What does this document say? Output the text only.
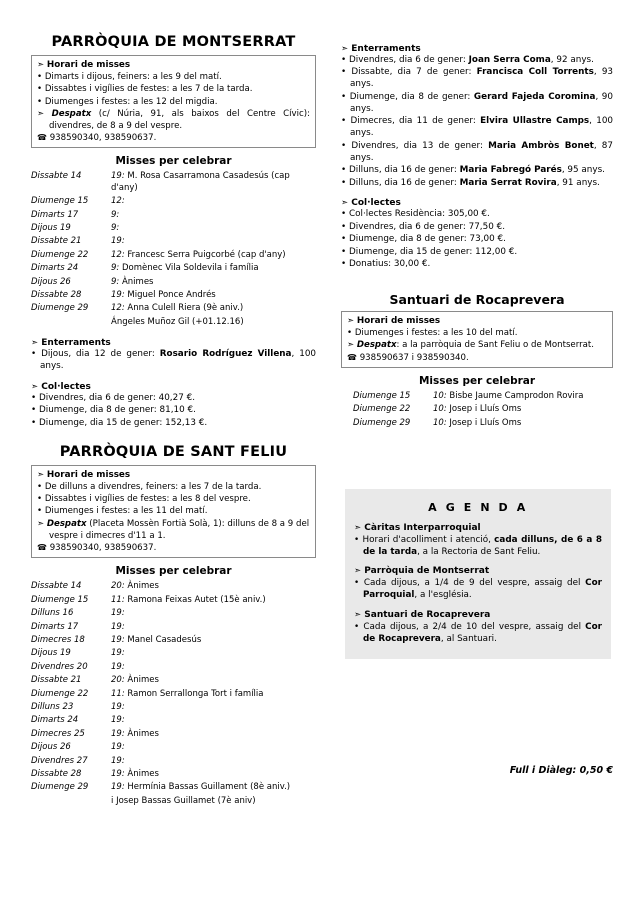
PARRÒQUIA DE MONTSERRAT
➣ Horari de misses
• Dimarts i dijous, feiners: a les 9 del matí.
• Dissabtes i vigílies de festes: a les 7 de la tarda.
• Diumenges i festes: a les 12 del migdia.
➣ Despatx (c/ Núria, 91, als baixos del Centre Cívic): divendres, de 8 a 9 del vespre.
☎ 938590340, 938590637.
Misses per celebrar
Dissabte 14	19: M. Rosa Casarramona Casadesús (cap d'any)
Diumenge 15	12:
Dimarts 17	9:
Dijous 19	9:
Dissabte 21	19:
Diumenge 22	12: Francesc Serra Puigcorbé (cap d'any)
Dimarts 24	9: Domènec Vila Soldevila i família
Dijous 26	9: Ànimes
Dissabte 28	19: Miguel Ponce Andrés
Diumenge 29	12: Anna Culell Riera (9è aniv.)
	Ángeles Muñoz Gil (+01.12.16)
➣ Enterraments
• Dijous, dia 12 de gener: Rosario Rodríguez Villena, 100 anys.
➣ Col·lectes
• Divendres, dia 6 de gener: 40,27 €.
• Diumenge, dia 8 de gener: 81,10 €.
• Diumenge, dia 15 de gener: 152,13 €.
PARRÒQUIA DE SANT FELIU
➣ Horari de misses
• De dilluns a divendres, feiners: a les 7 de la tarda.
• Dissabtes i vigílies de festes: a les 8 del vespre.
• Diumenges i festes: a les 11 del matí.
➣ Despatx (Placeta Mossèn Fortià Solà, 1): dilluns de 8 a 9 del vespre i dimecres d'11 a 1.
☎ 938590340, 938590637.
Misses per celebrar
Dissabte 14	20: Ànimes
Diumenge 15	11: Ramona Feixas Autet (15è aniv.)
Dilluns 16	19:
Dimarts 17	19:
Dimecres 18	19: Manel Casadesús
Dijous 19	19:
Divendres 20	19:
Dissabte 21	20: Ànimes
Diumenge 22	11: Ramon Serrallonga Tort i família
Dilluns 23	19:
Dimarts 24	19:
Dimecres 25	19: Ànimes
Dijous 26	19:
Divendres 27	19:
Dissabte 28	19: Ànimes
Diumenge 29	19: Hermínia Bassas Guillament (8è aniv.)
	i Josep Bassas Guillamet (7è aniv)
➣ Enterraments
• Divendres, dia 6 de gener: Joan Serra Coma, 92 anys.
• Dissabte, dia 7 de gener: Francisca Coll Torrents, 93 anys.
• Diumenge, dia 8 de gener: Gerard Fajeda Coromina, 90 anys.
• Dimecres, dia 11 de gener: Elvira Ullastre Camps, 100 anys.
• Divendres, dia 13 de gener: Maria Ambròs Bonet, 87 anys.
• Dilluns, dia 16 de gener: Maria Fabregó Parés, 95 anys.
• Dilluns, dia 16 de gener: Maria Serrat Rovira, 91 anys.
➣ Col·lectes
• Col·lectes Residència: 305,00 €.
• Divendres, dia 6 de gener: 77,50 €.
• Diumenge, dia 8 de gener: 73,00 €.
• Diumenge, dia 15 de gener: 112,00 €.
• Donatius: 30,00 €.
Santuari de Rocaprevera
➣ Horari de misses
• Diumenges i festes: a les 10 del matí.
➣ Despatx: a la parròquia de Sant Feliu o de Montserrat.
☎ 938590637 i 938590340.
Misses per celebrar
Diumenge 15	10: Bisbe Jaume Camprodon Rovira
Diumenge 22	10: Josep i Lluís Oms
Diumenge 29	10: Josep i Lluís Oms
A G E N D A
➣ Càritas Interparroquial
• Horari d'acolliment i atenció, cada dilluns, de 6 a 8 de la tarda, a la Rectoria de Sant Feliu.
➣ Parròquia de Montserrat
• Cada dijous, a 1/4 de 9 del vespre, assaig del Cor Parroquial, a l'església.
➣ Santuari de Rocaprevera
• Cada dijous, a 2/4 de 10 del vespre, assaig del Cor de Rocaprevera, al Santuari.
Full i Diàleg: 0,50 €
